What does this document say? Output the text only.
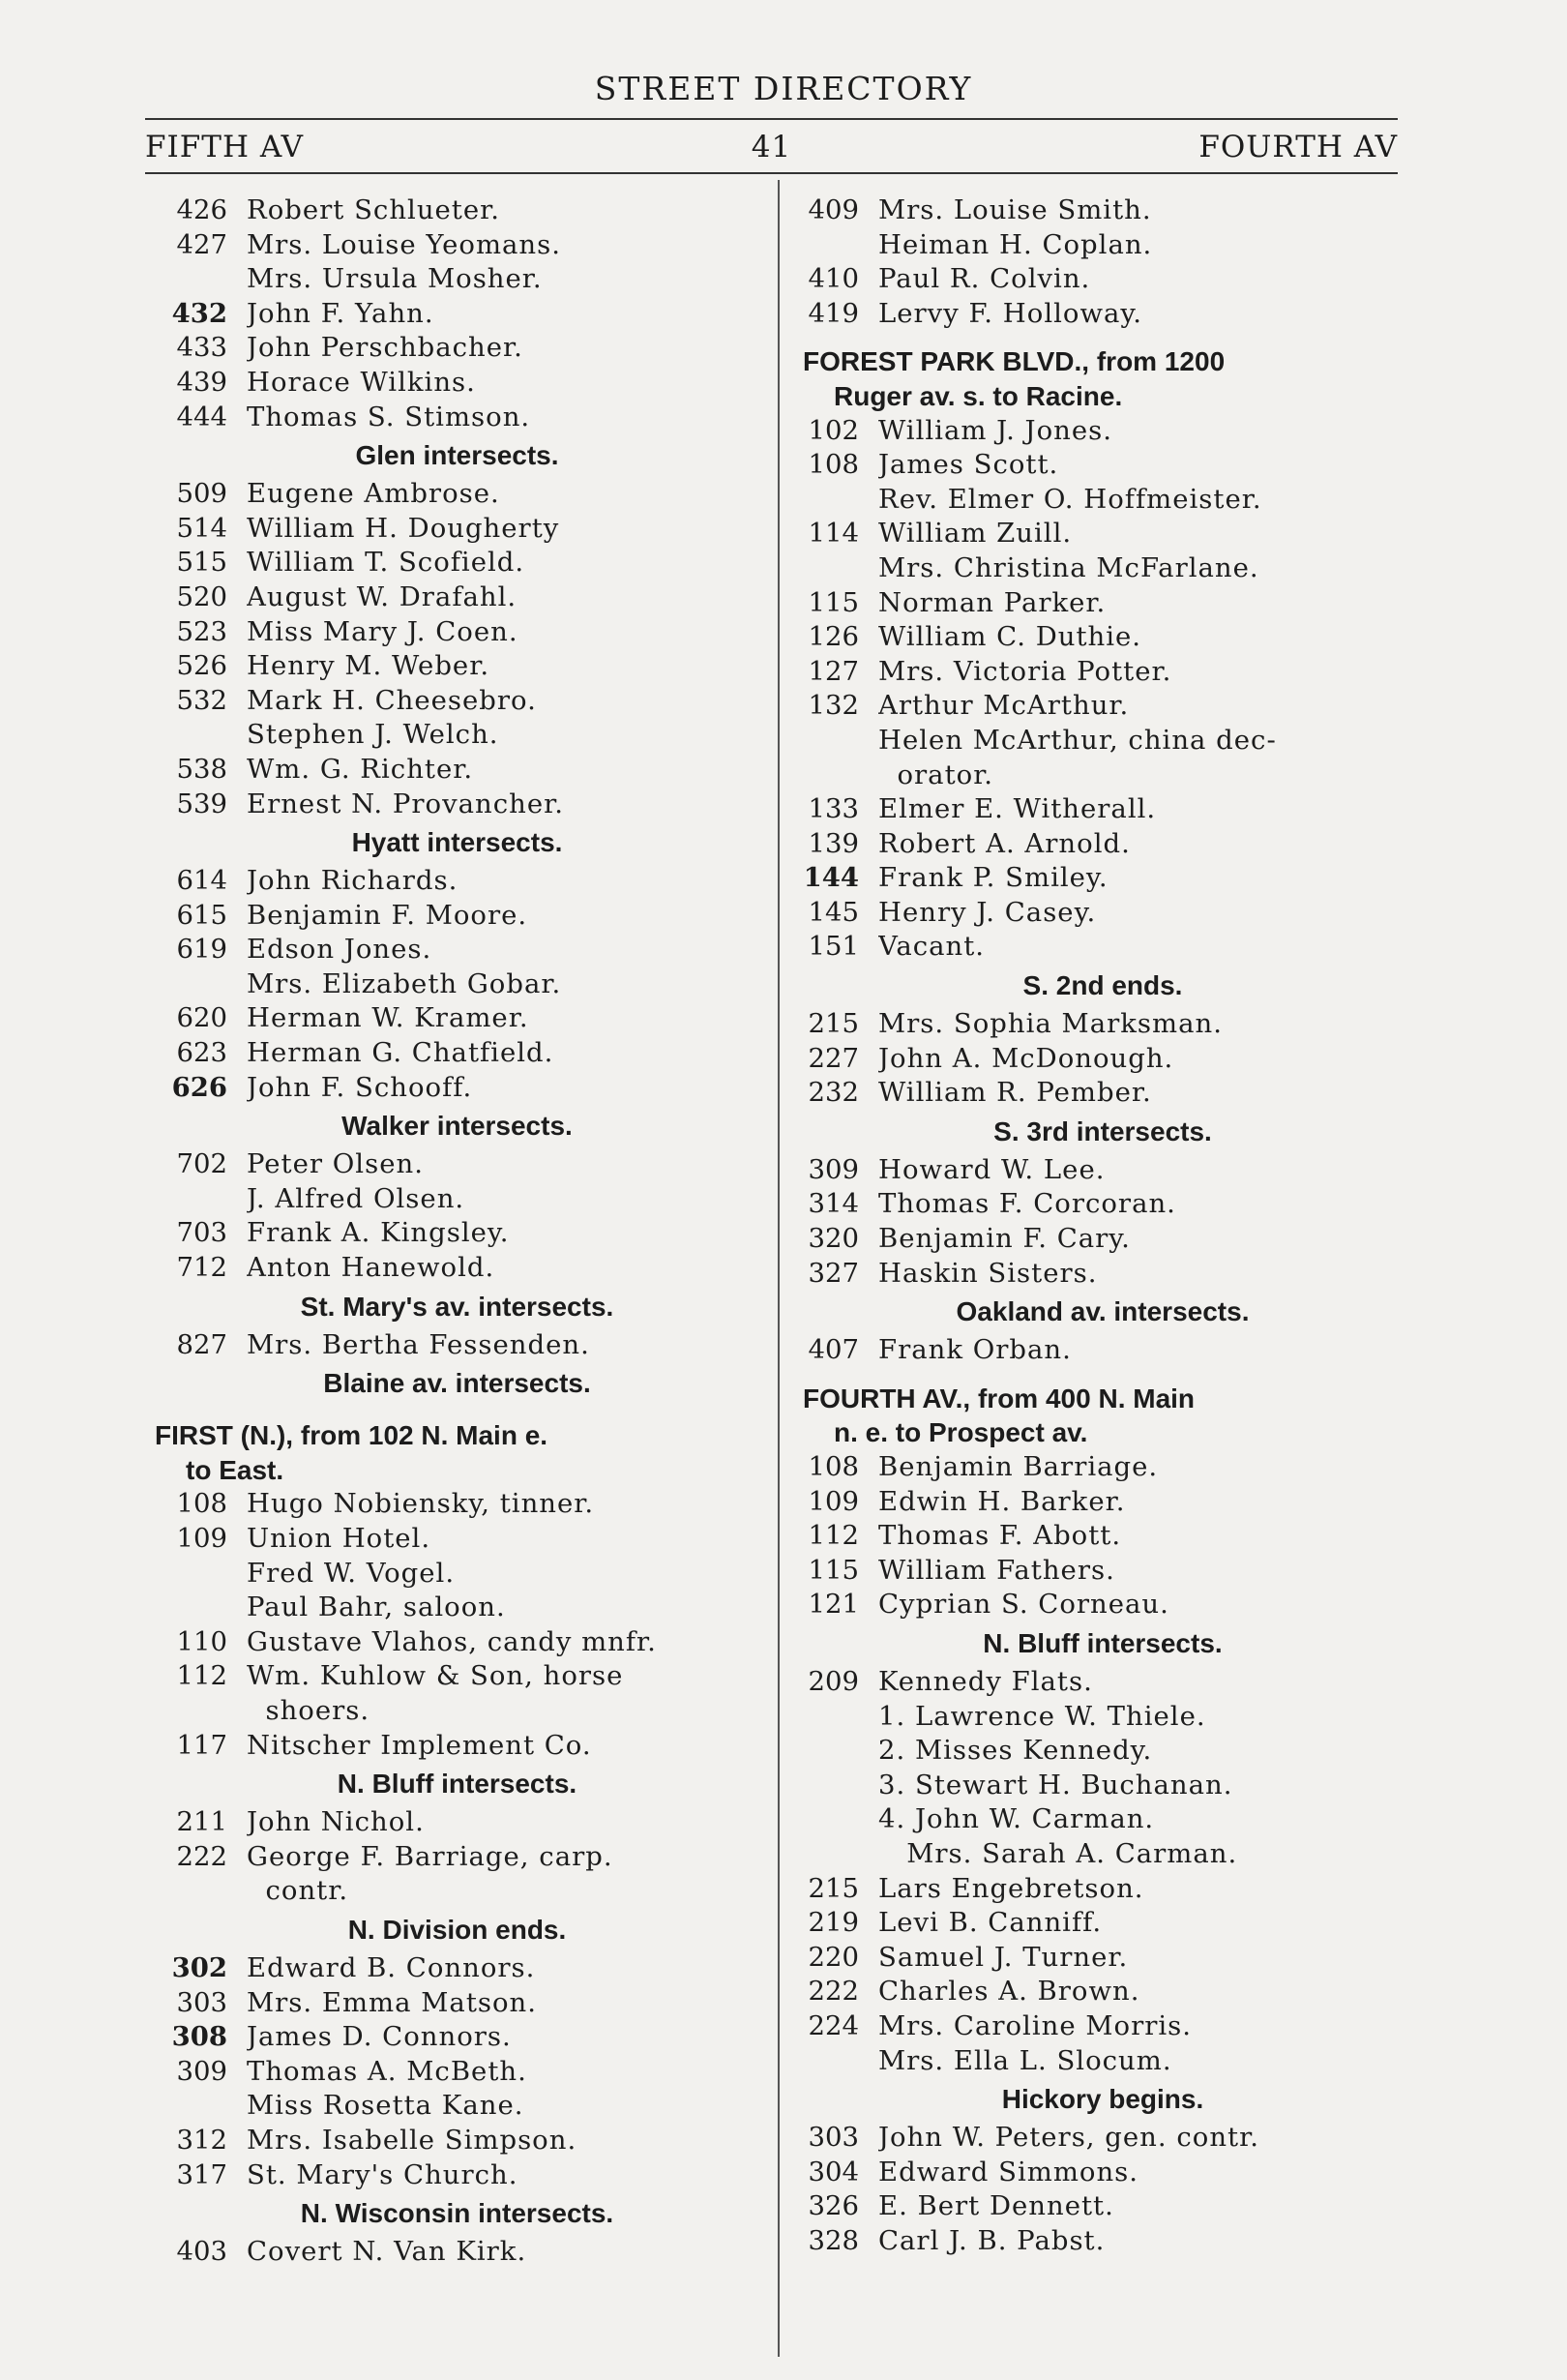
STREET DIRECTORY
FIFTH AV	41	FOURTH AV
426 Robert Schlueter.
427 Mrs. Louise Yeomans.
Mrs. Ursula Mosher.
432 John F. Yahn.
433 John Perschbacher.
439 Horace Wilkins.
444 Thomas S. Stimson.
Glen intersects.
509 Eugene Ambrose.
514 William H. Dougherty
515 William T. Scofield.
520 August W. Drafahl.
523 Miss Mary J. Coen.
526 Henry M. Weber.
532 Mark H. Cheesebro.
Stephen J. Welch.
538 Wm. G. Richter.
539 Ernest N. Provancher.
Hyatt intersects.
614 John Richards.
615 Benjamin F. Moore.
619 Edson Jones.
Mrs. Elizabeth Gobar.
620 Herman W. Kramer.
623 Herman G. Chatfield.
626 John F. Schooff.
Walker intersects.
702 Peter Olsen.
J. Alfred Olsen.
703 Frank A. Kingsley.
712 Anton Hanewold.
St. Mary's av. intersects.
827 Mrs. Bertha Fessenden.
Blaine av. intersects.
FIRST (N.), from 102 N. Main e.
to East.
108 Hugo Nobiensky, tinner.
109 Union Hotel.
Fred W. Vogel.
Paul Bahr, saloon.
110 Gustave Vlahos, candy mnfr.
112 Wm. Kuhlow & Son, horse
shoers.
117 Nitscher Implement Co.
N. Bluff intersects.
211 John Nichol.
222 George F. Barriage, carp.
contr.
N. Division ends.
302 Edward B. Connors.
303 Mrs. Emma Matson.
308 James D. Connors.
309 Thomas A. McBeth.
Miss Rosetta Kane.
312 Mrs. Isabelle Simpson.
317 St. Mary's Church.
N. Wisconsin intersects.
403 Covert N. Van Kirk.
409 Mrs. Louise Smith.
Heiman H. Coplan.
410 Paul R. Colvin.
419 Lervy F. Holloway.
FOREST PARK BLVD., from 1200
Ruger av. s. to Racine.
102 William J. Jones.
108 James Scott.
Rev. Elmer O. Hoffmeister.
114 William Zuill.
Mrs. Christina McFarlane.
115 Norman Parker.
126 William C. Duthie.
127 Mrs. Victoria Potter.
132 Arthur McArthur.
Helen McArthur, china dec-
orator.
133 Elmer E. Witherall.
139 Robert A. Arnold.
144 Frank P. Smiley.
145 Henry J. Casey.
151 Vacant.
S. 2nd ends.
215 Mrs. Sophia Marksman.
227 John A. McDonough.
232 William R. Pember.
S. 3rd intersects.
309 Howard W. Lee.
314 Thomas F. Corcoran.
320 Benjamin F. Cary.
327 Haskin Sisters.
Oakland av. intersects.
407 Frank Orban.
FOURTH AV., from 400 N. Main
n. e. to Prospect av.
108 Benjamin Barriage.
109 Edwin H. Barker.
112 Thomas F. Abott.
115 William Fathers.
121 Cyprian S. Corneau.
N. Bluff intersects.
209 Kennedy Flats.
1. Lawrence W. Thiele.
2. Misses Kennedy.
3. Stewart H. Buchanan.
4. John W. Carman.
Mrs. Sarah A. Carman.
215 Lars Engebretson.
219 Levi B. Canniff.
220 Samuel J. Turner.
222 Charles A. Brown.
224 Mrs. Caroline Morris.
Mrs. Ella L. Slocum.
Hickory begins.
303 John W. Peters, gen. contr.
304 Edward Simmons.
326 E. Bert Dennett.
328 Carl J. B. Pabst.
